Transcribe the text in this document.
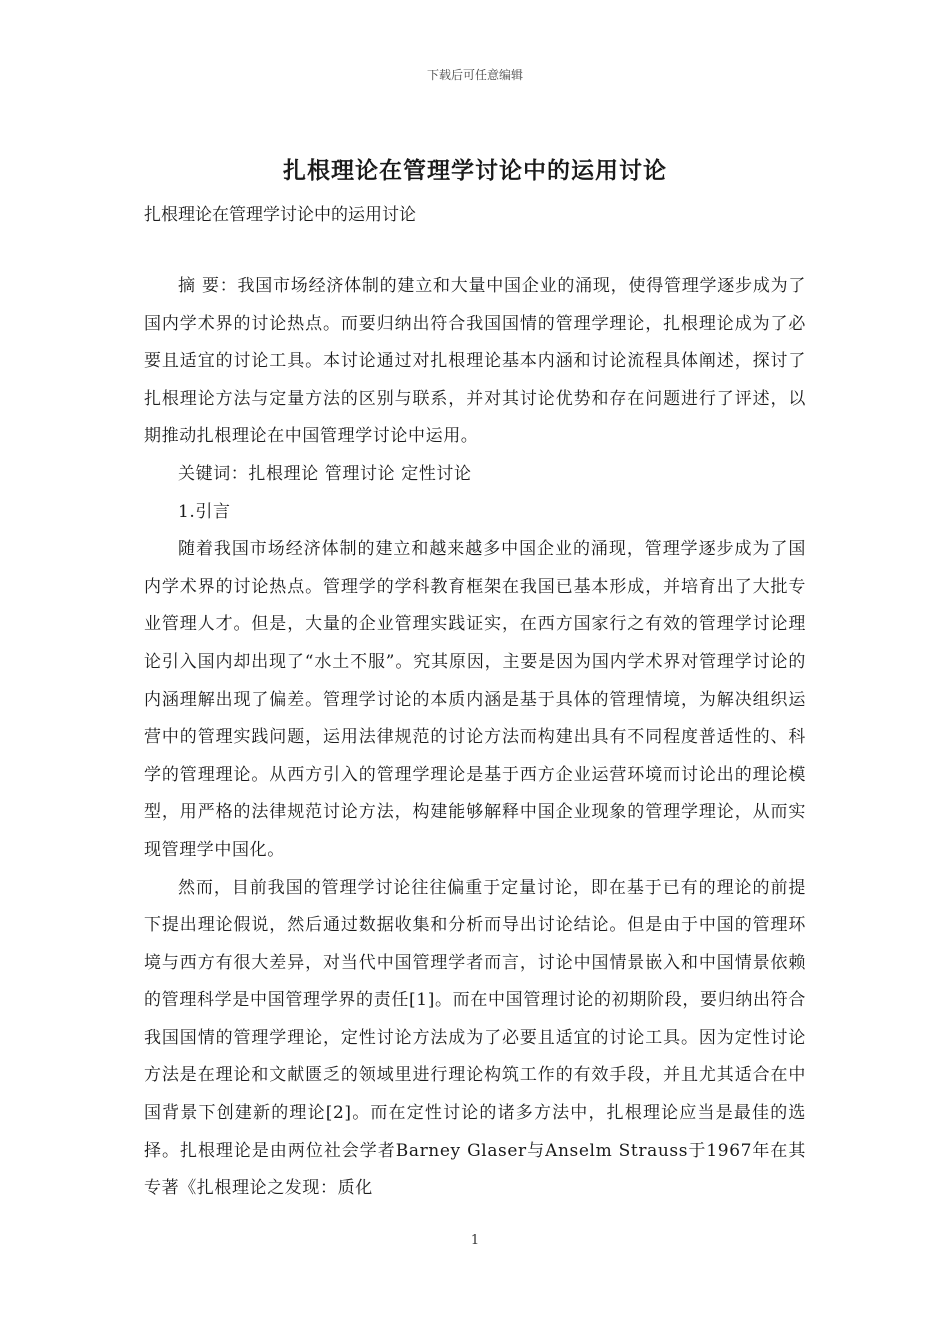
下载后可任意编辑
扎根理论在管理学讨论中的运用讨论
扎根理论在管理学讨论中的运用讨论

摘 要：我国市场经济体制的建立和大量中国企业的涌现，使得管理学逐步成为了国内学术界的讨论热点。而要归纳出符合我国国情的管理学理论，扎根理论成为了必要且适宜的讨论工具。本讨论通过对扎根理论基本内涵和讨论流程具体阐述，探讨了扎根理论方法与定量方法的区别与联系，并对其讨论优势和存在问题进行了评述，以期推动扎根理论在中国管理学讨论中运用。

关键词：扎根理论 管理讨论 定性讨论

1.引言

随着我国市场经济体制的建立和越来越多中国企业的涌现，管理学逐步成为了国内学术界的讨论热点。管理学的学科教育框架在我国已基本形成，并培育出了大批专业管理人才。但是，大量的企业管理实践证实，在西方国家行之有效的管理学讨论理论引入国内却出现了“水土不服”。究其原因，主要是因为国内学术界对管理学讨论的内涵理解出现了偏差。管理学讨论的本质内涵是基于具体的管理情境，为解决组织运营中的管理实践问题，运用法律规范的讨论方法而构建出具有不同程度普适性的、科学的管理理论。从西方引入的管理学理论是基于西方企业运营环境而讨论出的理论模型，用严格的法律规范讨论方法，构建能够解释中国企业现象的管理学理论，从而实现管理学中国化。

然而，目前我国的管理学讨论往往偏重于定量讨论，即在基于已有的理论的前提下提出理论假说，然后通过数据收集和分析而导出讨论结论。但是由于中国的管理环境与西方有很大差异，对当代中国管理学者而言，讨论中国情景嵌入和中国情景依赖的管理科学是中国管理学界的责任[1]。而在中国管理讨论的初期阶段，要归纳出符合我国国情的管理学理论，定性讨论方法成为了必要且适宜的讨论工具。因为定性讨论方法是在理论和文献匮乏的领域里进行理论构筑工作的有效手段，并且尤其适合在中国背景下创建新的理论[2]。而在定性讨论的诸多方法中，扎根理论应当是最佳的选择。扎根理论是由两位社会学者Barney Glaser与Anselm Strauss于1967年在其专著《扎根理论之发现：质化

1
